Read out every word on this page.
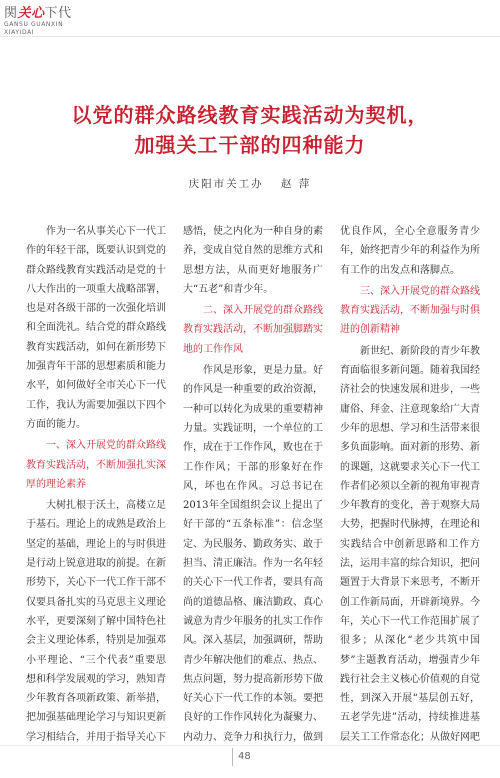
関关心下代
GANSU GUANXIN
XIAYIDAI
以党的群众路线教育实践活动为契机，
加强关工干部的四种能力
庆阳市关工办 赵 萍

作为一名从事关心下一代工作的年轻干部，既要认识到党的群众路线教育实践活动是党的十八大作出的一项重大战略部署，也是对各级干部的一次强化培训和全面洗礼。结合党的群众路线教育实践活动，如何在新形势下加强青年干部的思想素质和能力水平，如何做好全市关心下一代工作，我认为需要加强以下四个方面的能力。

一、深入开展党的群众路线教育实践活动，不断加强扎实深厚的理论素养

大树扎根于沃土，高楼立足于基石。理论上的成熟是政治上坚定的基础，理论上的与时俱进是行动上锐意进取的前提。在新形势下，关心下一代工作干部不仅要具备扎实的马克思主义理论水平，更要深刻了解中国特色社会主义理论体系，特别是加强邓小平理论、“三个代表”重要思想和科学发展观的学习，熟知青少年教育各项新政策、新举措，把加强基础理论学习与知识更新学习相结合，并用于指导关心下

感悟，使之内化为一种自身的素养，变成自觉自然的思维方式和思想方法，从而更好地服务广大“五老”和青少年。

二、深入开展党的群众路线教育实践活动，不断加强脚踏实地的工作作风

作风是形象，更是力量。好的作风是一种重要的政治资源，一种可以转化为成果的重要精神力量。实践证明，一个单位的工作，成在于工作作风，败也在于工作作风；干部的形象好在作风，坏也在作风。习总书记在2013年全国组织会议上提出了好干部的“五条标准”：信念坚定、为民服务、勤政务实、敢于担当、清正廉洁。作为一名年轻的关心下一代工作者，要具有高尚的道德品格、廉洁勤政、真心诚意为青少年服务的扎实工作作风。深入基层，加强调研，帮助青少年解决他们的难点、热点、焦点问题，努力提高新形势下做好关心下一代工作的本领。要把良好的工作作风转化为凝聚力、内动力、竞争力和执行力，做到

优良作风，全心全意服务青少年，始终把青少年的利益作为所有工作的出发点和落脚点。

三、深入开展党的群众路线教育实践活动，不断加强与时俱进的创新精神

新世纪、新阶段的青少年教育面临很多新问题。随着我国经济社会的快速发展和进步，一些庸俗、拜金、注意现象给广大青少年的思想、学习和生活带来很多负面影响。面对新的形势、新的课题，这就要求关心下一代工作者们必须以全新的视角审视青少年教育的变化，善于观察大局大势，把握时代脉搏，在理论和实践结合中创新思路和工作方法，运用丰富的综合知识，把问题置于大背景下来思考，不断开创工作新局面，开辟新境界。今年，关心下一代工作范围扩展了很多；从深化“老少共筑中国梦”主题教育活动，增强青少年践行社会主义核心价值观的自觉性，到深入开展“基层创五好，五老学先进”活动，持续推进基层关工工作常态化；从做好网吧

48
